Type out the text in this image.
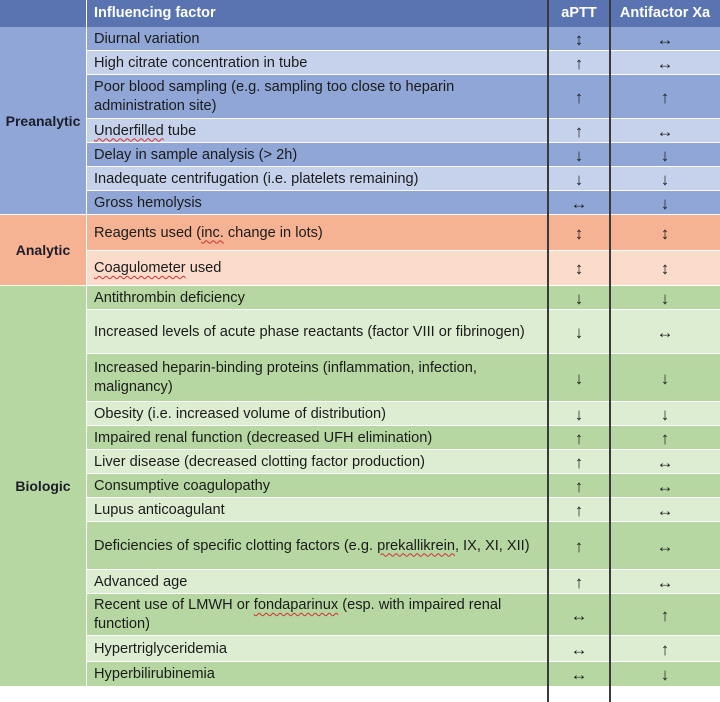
Influencing factor	aPTT	Antifactor Xa
Preanalytic
Diurnal variation	↕	↔
High citrate concentration in tube	↑	↔
Poor blood sampling (e.g. sampling too close to heparin administration site)	↑	↑
Underfilled tube	↑	↔
Delay in sample analysis (> 2h)	↓	↓
Inadequate centrifugation (i.e. platelets remaining)	↓	↓
Gross hemolysis	↔	↓
Analytic
Reagents used (inc. change in lots)	↕	↕
Coagulometer used	↕	↕
Biologic
Antithrombin deficiency	↓	↓
Increased levels of acute phase reactants (factor VIII or fibrinogen)	↓	↔
Increased heparin-binding proteins (inflammation, infection, malignancy)	↓	↓
Obesity (i.e. increased volume of distribution)	↓	↓
Impaired renal function (decreased UFH elimination)	↑	↑
Liver disease (decreased clotting factor production)	↑	↔
Consumptive coagulopathy	↑	↔
Lupus anticoagulant	↑	↔
Deficiencies of specific clotting factors (e.g. prekallikrein, IX, XI, XII)	↑	↔
Advanced age	↑	↔
Recent use of LMWH or fondaparinux (esp. with impaired renal function)	↔	↑
Hypertriglyceridemia	↔	↑
Hyperbilirubinemia	↔	↓
